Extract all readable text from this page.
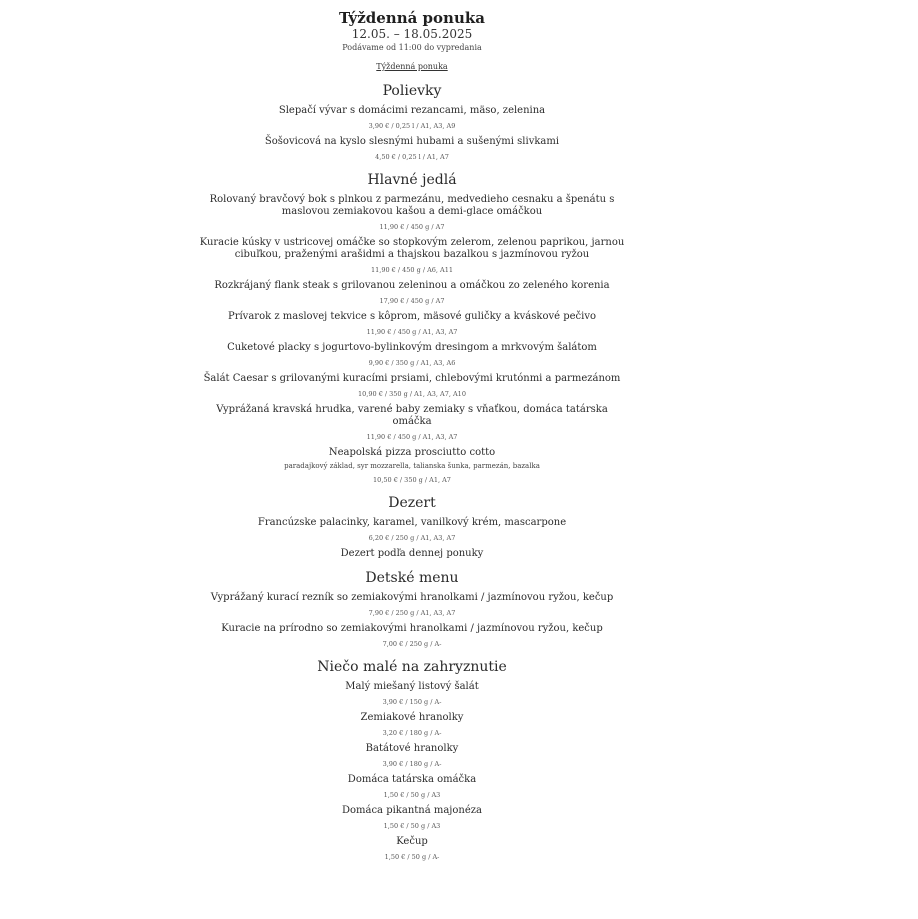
Týždenná ponuka
12.05. – 18.05.2025
Podávame od 11:00 do vypredania
Týždenná ponuka
Polievky
Slepačí vývar s domácimi rezancami, mäso, zelenina
3,90 € / 0,25 l / A1, A3, A9
Šošovicová na kyslo slesnými hubami a sušenými slivkami
4,50 € / 0,25 l / A1, A7
Hlavné jedlá
Rolovaný bravčový bok s plnkou z parmezánu, medvedieho cesnaku a špenátu s maslovou zemiakovou kašou a demi-glace omáčkou
11,90 € / 450 g / A7
Kuracie kúsky v ustricovej omáčke so stopkovým zelerom, zelenou paprikou, jarnou cibuľkou, praženými arašidmi a thajskou bazalkou s jazmínovou ryžou
11,90 € / 450 g / A6, A11
Rozkrájaný flank steak s grilovanou zeleninou a omáčkou zo zeleného korenia
17,90 € / 450 g / A7
Prívarok z maslovej tekvice s kôprom, mäsové guličky a kváskové pečivo
11,90 € / 450 g / A1, A3, A7
Cuketové placky s jogurtovo-bylinkovým dresingom a mrkvovým šalátom
9,90 € / 350 g / A1, A3, A6
Šalát Caesar s grilovanými kuracími prsiami, chlebovými krutónmi a parmezánom
10,90 € / 350 g / A1, A3, A7, A10
Vyprážaná kravská hrudka, varené baby zemiaky s vňaťkou, domáca tatárska omáčka
11,90 € / 450 g / A1, A3, A7
Neapolská pizza prosciutto cotto
paradajkový základ, syr mozzarella, talianska šunka, parmezán, bazalka
10,50 € / 350 g / A1, A7
Dezert
Francúzske palacinky, karamel, vanilkový krém, mascarpone
6,20 € / 250 g / A1, A3, A7
Dezert podľa dennej ponuky
Detské menu
Vyprážaný kurací rezník so zemiakovými hranolkami / jazmínovou ryžou, kečup
7,90 € / 250 g / A1, A3, A7
Kuracie na prírodno so zemiakovými hranolkami / jazmínovou ryžou, kečup
7,00 € / 250 g / A-
Niečo malé na zahryznutie
Malý miešaný listový šalát
3,90 € / 150 g / A-
Zemiakové hranolky
3,20 € / 180 g / A-
Batátové hranolky
3,90 € / 180 g / A-
Domáca tatárska omáčka
1,50 € / 50 g / A3
Domáca pikantná majonéza
1,50 € / 50 g / A3
Kečup
1,50 € / 50 g / A-
